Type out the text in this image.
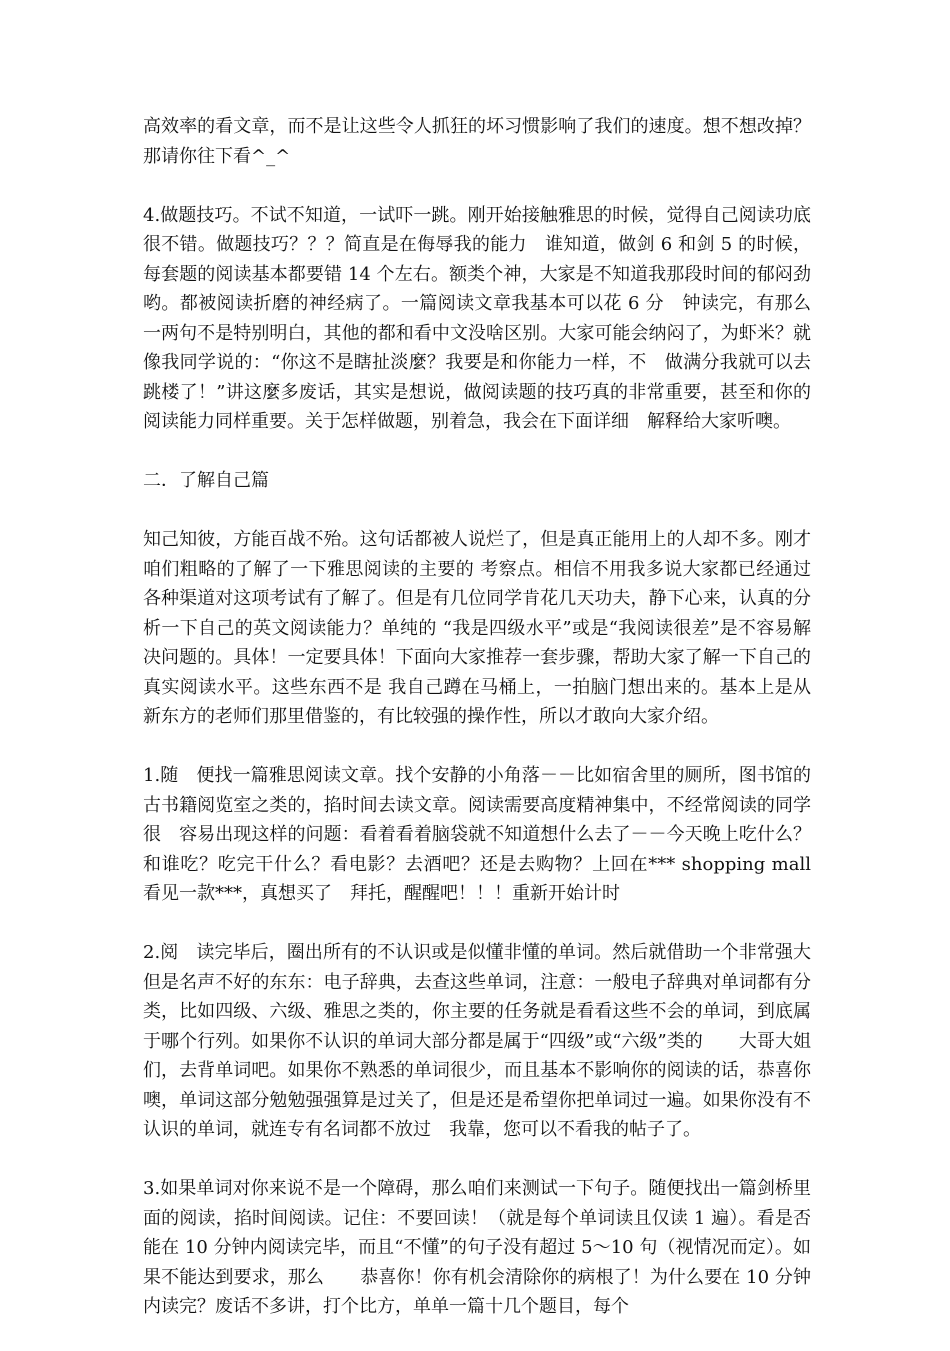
高效率的看文章，而不是让这些令人抓狂的坏习惯影响了我们的速度。想不想改掉？那请你往下看^_^

4.做题技巧。不试不知道，一试吓一跳。刚开始接触雅思的时候，觉得自己阅读功底很不错。做题技巧？？？简直是在侮辱我的能力　谁知道，做剑 6 和剑 5 的时候，每套题的阅读基本都要错 14 个左右。额类个神，大家是不知道我那段时间的郁闷劲哟。都被阅读折磨的神经病了。一篇阅读文章我基本可以花 6 分　钟读完，有那么一两句不是特别明白，其他的都和看中文没啥区别。大家可能会纳闷了，为虾米？就像我同学说的：“你这不是瞎扯淡麼？我要是和你能力一样，不　做满分我就可以去跳楼了！”讲这麼多废话，其实是想说，做阅读题的技巧真的非常重要，甚至和你的阅读能力同样重要。关于怎样做题，别着急，我会在下面详细　解释给大家听噢。

二．了解自己篇

知己知彼，方能百战不殆。这句话都被人说烂了，但是真正能用上的人却不多。刚才咱们粗略的了解了一下雅思阅读的主要的 考察点。相信不用我多说大家都已经通过各种渠道对这项考试有了解了。但是有几位同学肯花几天功夫，静下心来，认真的分析一下自己的英文阅读能力？单纯的 “我是四级水平”或是“我阅读很差”是不容易解决问题的。具体！一定要具体！下面向大家推荐一套步骤，帮助大家了解一下自己的真实阅读水平。这些东西不是 我自己蹲在马桶上，一拍脑门想出来的。基本上是从新东方的老师们那里借鉴的，有比较强的操作性，所以才敢向大家介绍。

1.随　便找一篇雅思阅读文章。找个安静的小角落－－比如宿舍里的厕所，图书馆的古书籍阅览室之类的，掐时间去读文章。阅读需要高度精神集中，不经常阅读的同学很　容易出现这样的问题：看着看着脑袋就不知道想什么去了－－今天晚上吃什么？和谁吃？吃完干什么？看电影？去酒吧？还是去购物？上回在*** shopping mall 看见一款***，真想买了　拜托，醒醒吧！！！重新开始计时

2.阅　读完毕后，圈出所有的不认识或是似懂非懂的单词。然后就借助一个非常强大但是名声不好的东东：电子辞典，去查这些单词，注意：一般电子辞典对单词都有分　类，比如四级、六级、雅思之类的，你主要的任务就是看看这些不会的单词，到底属于哪个行列。如果你不认识的单词大部分都是属于“四级”或“六级”类的　　大哥大姐们，去背单词吧。如果你不熟悉的单词很少，而且基本不影响你的阅读的话，恭喜你噢，单词这部分勉勉强强算是过关了，但是还是希望你把单词过一遍。如果你没有不认识的单词，就连专有名词都不放过　我靠，您可以不看我的帖子了。

3.如果单词对你来说不是一个障碍，那么咱们来测试一下句子。随便找出一篇剑桥里面的阅读，掐时间阅读。记住：不要回读！（就是每个单词读且仅读 1 遍）。看是否能在 10 分钟内阅读完毕，而且“不懂”的句子没有超过 5～10 句（视情况而定）。如果不能达到要求，那么　　恭喜你！你有机会清除你的病根了！为什么要在 10 分钟内读完？废话不多讲，打个比方，单单一篇十几个题目，每个
